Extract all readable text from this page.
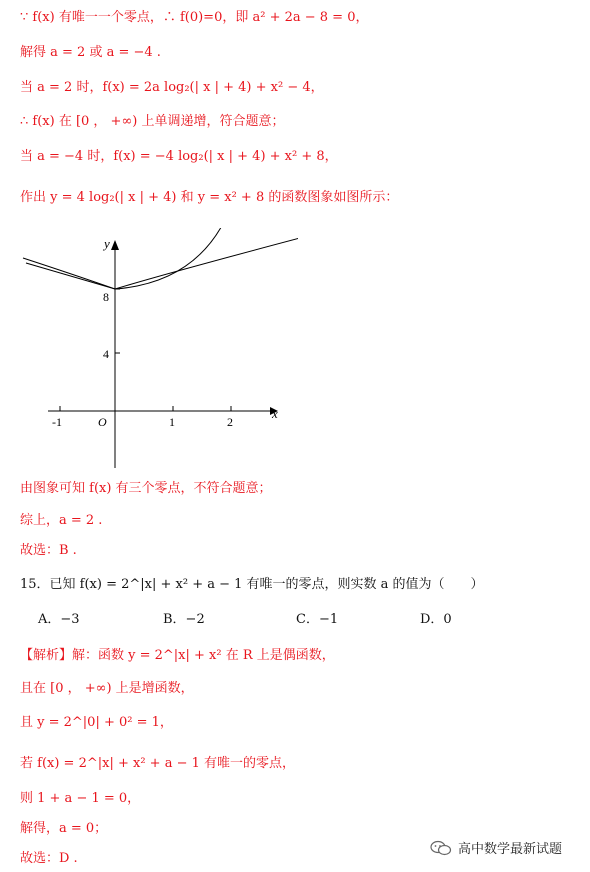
∵ f(x) 有唯一一个零点，∴ f(0)=0，即 a² + 2a − 8 = 0，
解得 a = 2 或 a = −4 .
当 a = 2 时，f(x) = 2a log₂(| x | + 4) + x² − 4，
∴ f(x) 在 [0 ， +∞) 上单调递增，符合题意；
当 a = −4 时，f(x) = −4 log₂(| x | + 4) + x² + 8，
作出 y = 4 log₂(| x | + 4) 和 y = x² + 8 的函数图象如图所示：
y
x
O
-1	1	2
8
4
由图象可知 f(x) 有三个零点，不符合题意；
综上，a = 2 .
故选：B .
15．已知 f(x) = 2^|x| + x² + a − 1 有唯一的零点，则实数 a 的值为（　　）
A．−3	B．−2	C．−1	D．0
【解析】解：函数 y = 2^|x| + x² 在 R 上是偶函数，
且在 [0 ， +∞) 上是增函数，
且 y = 2^|0| + 0² = 1，
若 f(x) = 2^|x| + x² + a − 1 有唯一的零点，
则 1 + a − 1 = 0，
解得，a = 0；
故选：D .
高中数学最新试题
